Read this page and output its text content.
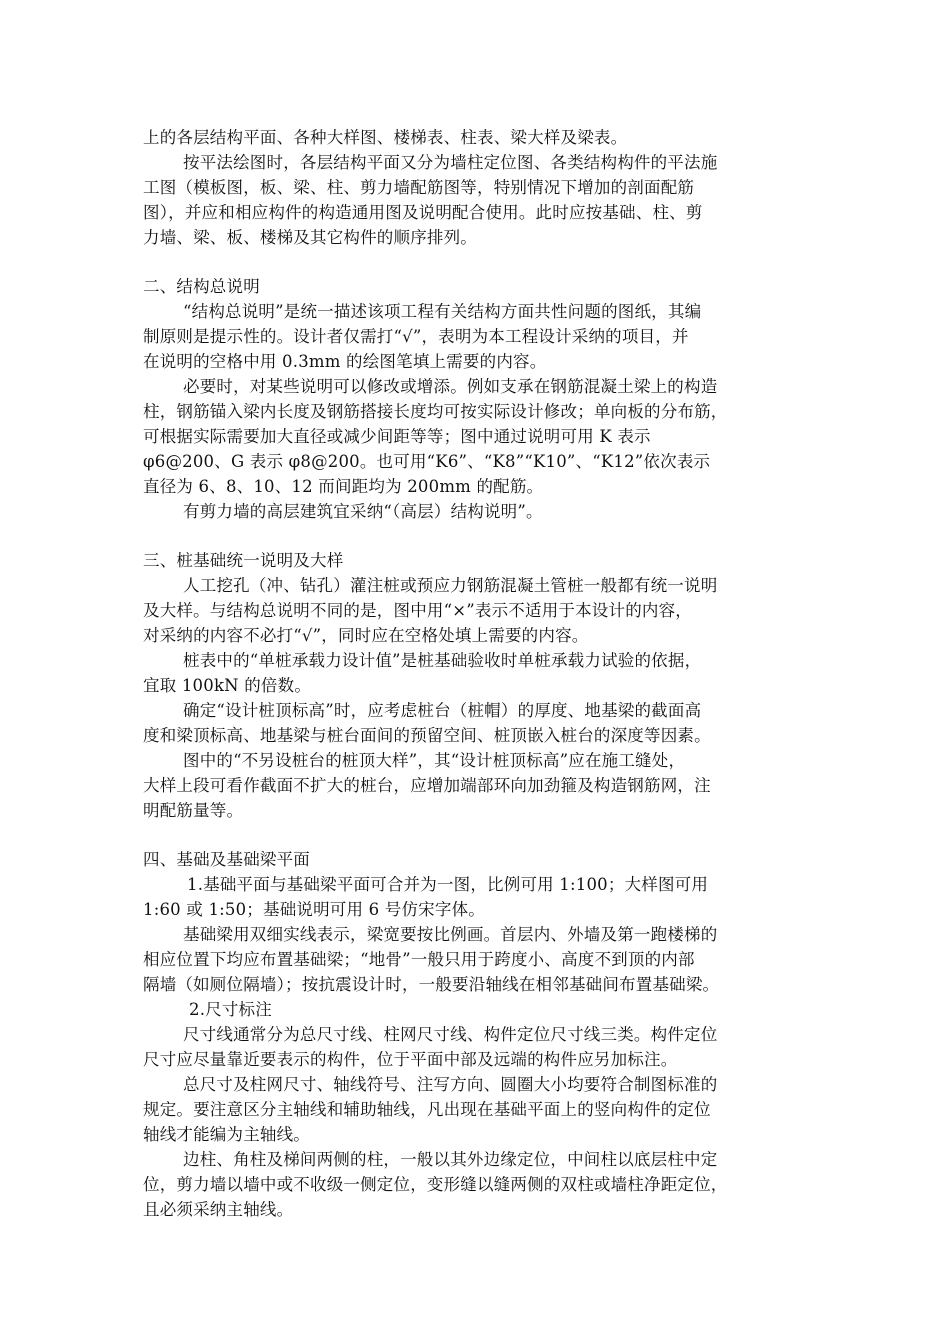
上的各层结构平面、各种大样图、楼梯表、柱表、梁大样及梁表。
按平法绘图时，各层结构平面又分为墙柱定位图、各类结构构件的平法施
工图（模板图，板、梁、柱、剪力墙配筋图等，特别情况下增加的剖面配筋
图），并应和相应构件的构造通用图及说明配合使用。此时应按基础、柱、剪
力墙、梁、板、楼梯及其它构件的顺序排列。
二、结构总说明
“结构总说明”是统一描述该项工程有关结构方面共性问题的图纸，其编
制原则是提示性的。设计者仅需打“√”，表明为本工程设计采纳的项目，并
在说明的空格中用 0.3mm 的绘图笔填上需要的内容。
必要时，对某些说明可以修改或增添。例如支承在钢筋混凝土梁上的构造
柱，钢筋锚入梁内长度及钢筋搭接长度均可按实际设计修改；单向板的分布筋，
可根据实际需要加大直径或减少间距等等；图中通过说明可用 K 表示
φ6@200、G 表示 φ8@200。也可用“K6”、“K8”“K10”、“K12”依次表示
直径为 6、8、10、12 而间距均为 200mm 的配筋。
有剪力墙的高层建筑宜采纳“（高层）结构说明”。
三、桩基础统一说明及大样
人工挖孔（冲、钻孔）灌注桩或预应力钢筋混凝土管桩一般都有统一说明
及大样。与结构总说明不同的是，图中用“×”表示不适用于本设计的内容，
对采纳的内容不必打“√”，同时应在空格处填上需要的内容。
桩表中的“单桩承载力设计值”是桩基础验收时单桩承载力试验的依据，
宜取 100kN 的倍数。
确定“设计桩顶标高”时，应考虑桩台（桩帽）的厚度、地基梁的截面高
度和梁顶标高、地基梁与桩台面间的预留空间、桩顶嵌入桩台的深度等因素。
图中的“不另设桩台的桩顶大样”，其“设计桩顶标高”应在施工缝处，
大样上段可看作截面不扩大的桩台，应增加端部环向加劲箍及构造钢筋网，注
明配筋量等。
四、基础及基础梁平面
1.基础平面与基础梁平面可合并为一图，比例可用 1:100；大样图可用
1:60 或 1:50；基础说明可用 6 号仿宋字体。
基础梁用双细实线表示，梁宽要按比例画。首层内、外墙及第一跑楼梯的
相应位置下均应布置基础梁；“地骨”一般只用于跨度小、高度不到顶的内部
隔墙（如厕位隔墙）；按抗震设计时，一般要沿轴线在相邻基础间布置基础梁。
2.尺寸标注
尺寸线通常分为总尺寸线、柱网尺寸线、构件定位尺寸线三类。构件定位
尺寸应尽量靠近要表示的构件，位于平面中部及远端的构件应另加标注。
总尺寸及柱网尺寸、轴线符号、注写方向、圆圈大小均要符合制图标准的
规定。要注意区分主轴线和辅助轴线，凡出现在基础平面上的竖向构件的定位
轴线才能编为主轴线。
边柱、角柱及梯间两侧的柱，一般以其外边缘定位，中间柱以底层柱中定
位，剪力墙以墙中或不收级一侧定位，变形缝以缝两侧的双柱或墙柱净距定位，
且必须采纳主轴线。
